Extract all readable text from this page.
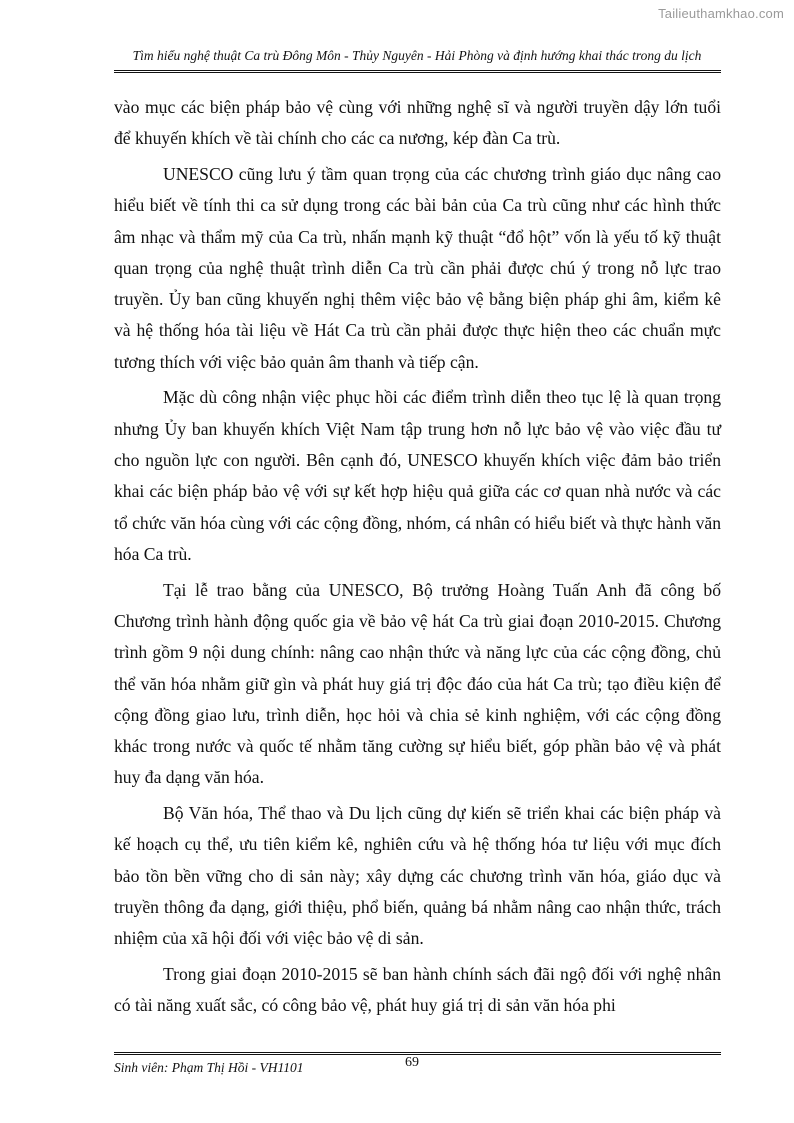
Tailieuthamkhao.com
Tìm hiểu nghệ thuật Ca trù Đông Môn - Thủy Nguyên - Hải Phòng và định hướng khai thác trong du lịch

vào mục các biện pháp bảo vệ cùng với những nghệ sĩ và người truyền dậy lớn tuổi để khuyến khích về tài chính cho các ca nương, kép đàn Ca trù.

UNESCO cũng lưu ý tầm quan trọng của các chương trình giáo dục nâng cao hiểu biết về tính thi ca sử dụng trong các bài bản của Ca trù cũng như các hình thức âm nhạc và thẩm mỹ của Ca trù, nhấn mạnh kỹ thuật “đổ hột” vốn là yếu tố kỹ thuật quan trọng của nghệ thuật trình diễn Ca trù cần phải được chú ý trong nỗ lực trao truyền. Ủy ban cũng khuyến nghị thêm việc bảo vệ bằng biện pháp ghi âm, kiểm kê và hệ thống hóa tài liệu về Hát Ca trù cần phải được thực hiện theo các chuẩn mực tương thích với việc bảo quản âm thanh và tiếp cận.

Mặc dù công nhận việc phục hồi các điểm trình diễn theo tục lệ là quan trọng nhưng Ủy ban khuyến khích Việt Nam tập trung hơn nỗ lực bảo vệ vào việc đầu tư cho nguồn lực con người. Bên cạnh đó, UNESCO khuyến khích việc đảm bảo triển khai các biện pháp bảo vệ với sự kết hợp hiệu quả giữa các cơ quan nhà nước và các tổ chức văn hóa cùng với các cộng đồng, nhóm, cá nhân có hiểu biết và thực hành văn hóa Ca trù.

Tại lễ trao bằng của UNESCO, Bộ trưởng Hoàng Tuấn Anh đã công bố Chương trình hành động quốc gia về bảo vệ hát Ca trù giai đoạn 2010-2015. Chương trình gồm 9 nội dung chính: nâng cao nhận thức và năng lực của các cộng đồng, chủ thể văn hóa nhằm giữ gìn và phát huy giá trị độc đáo của hát Ca trù; tạo điều kiện để cộng đồng giao lưu, trình diễn, học hỏi và chia sẻ kinh nghiệm, với các cộng đồng khác trong nước và quốc tế nhằm tăng cường sự hiểu biết, góp phần bảo vệ và phát huy đa dạng văn hóa.

Bộ Văn hóa, Thể thao và Du lịch cũng dự kiến sẽ triển khai các biện pháp và kế hoạch cụ thể, ưu tiên kiểm kê, nghiên cứu và hệ thống hóa tư liệu với mục đích bảo tồn bền vững cho di sản này; xây dựng các chương trình văn hóa, giáo dục và truyền thông đa dạng, giới thiệu, phổ biến, quảng bá nhằm nâng cao nhận thức, trách nhiệm của xã hội đối với việc bảo vệ di sản.

Trong giai đoạn 2010-2015 sẽ ban hành chính sách đãi ngộ đối với nghệ nhân có tài năng xuất sắc, có công bảo vệ, phát huy giá trị di sản văn hóa phi

Sinh viên: Phạm Thị Hồi - VH1101	69
